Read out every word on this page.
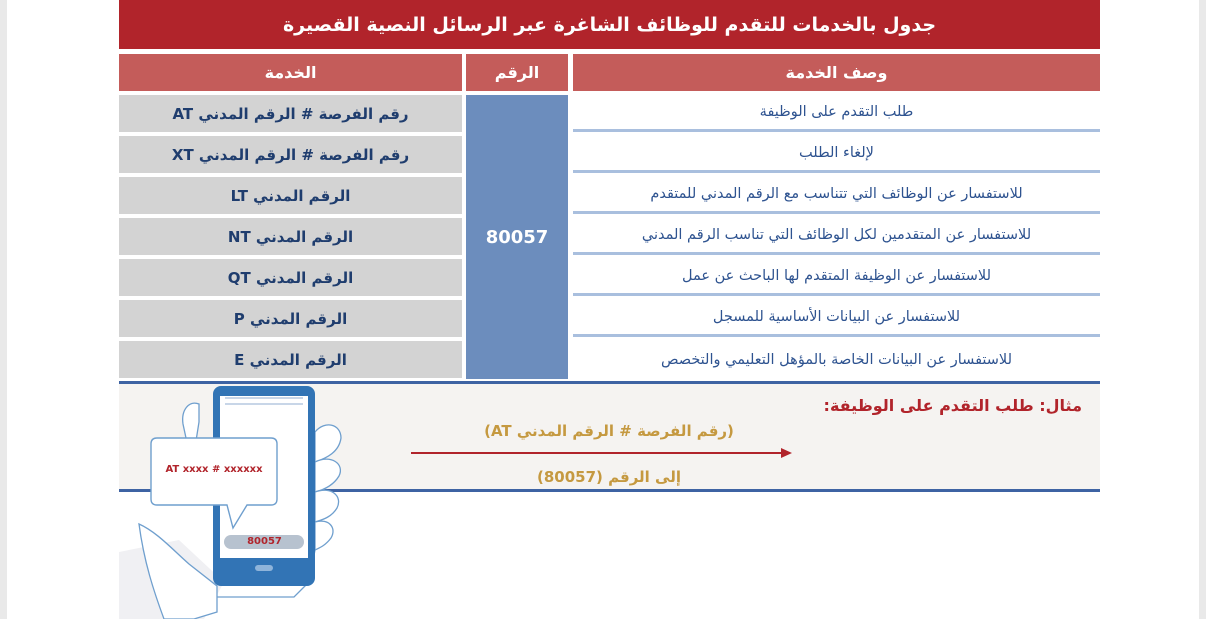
جدول بالخدمات للتقدم للوظائف الشاغرة عبر الرسائل النصية القصيرة
الخدمة	الرقم	وصف الخدمة
رقم الفرصة # الرقم المدني AT
رقم الفرصة # الرقم المدني XT
الرقم المدني LT
الرقم المدني NT
الرقم المدني QT
الرقم المدني P
الرقم المدني E
80057
طلب التقدم على الوظيفة
لإلغاء الطلب
للاستفسار عن الوظائف التي تتناسب مع الرقم المدني للمتقدم
للاستفسار عن المتقدمين لكل الوظائف التي تناسب الرقم المدني
للاستفسار عن الوظيفة المتقدم لها الباحث عن عمل
للاستفسار عن البيانات الأساسية للمسجل
للاستفسار عن البيانات الخاصة بالمؤهل التعليمي والتخصص
مثال: طلب التقدم على الوظيفة:
(رقم الفرصة # الرقم المدني AT)
إلى الرقم (80057)
AT xxxx # xxxxxx
80057
